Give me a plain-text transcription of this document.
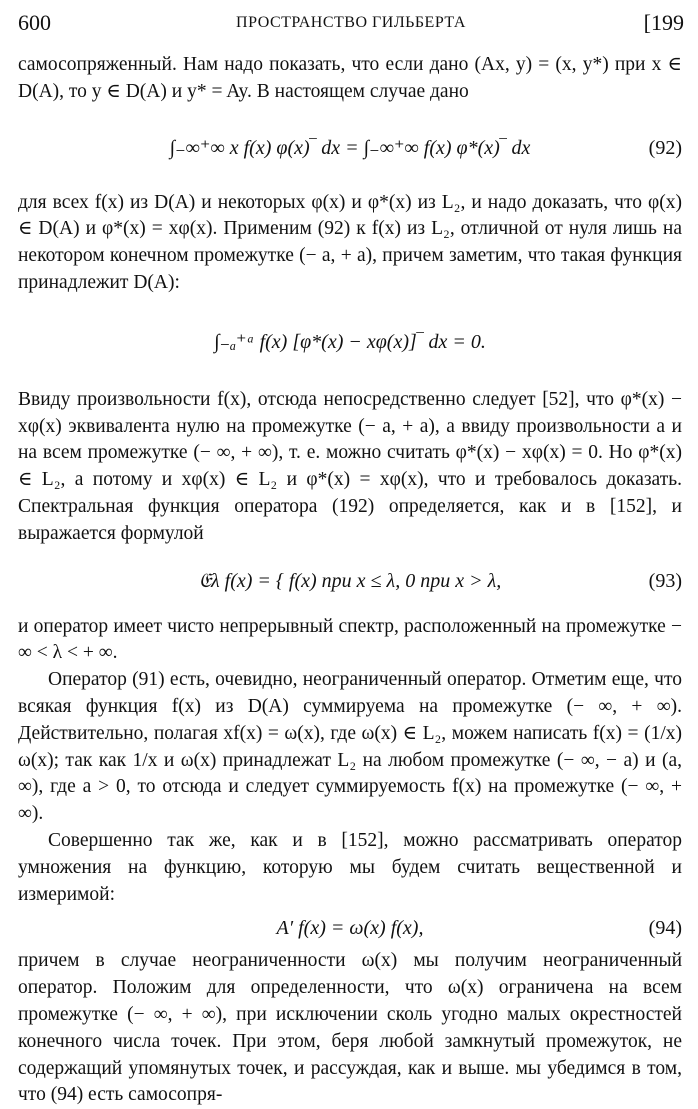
600	ПРОСТРАНСТВО ГИЛЬБЕРТА	[199

самосопряженный. Нам надо показать, что если дано (Ax, y) = (x, y*) при x ∈ D(A), то y ∈ D(A) и y* = Ay. В настоящем случае дано

∫₋∞⁺∞ x f(x) φ(x)‾ dx = ∫₋∞⁺∞ f(x) φ*(x)‾ dx	(92)

для всех f(x) из D(A) и некоторых φ(x) и φ*(x) из L₂, и надо доказать, что φ(x) ∈ D(A) и φ*(x) = xφ(x). Применим (92) к f(x) из L₂, отличной от нуля лишь на некотором конечном промежутке (− a, + a), причем заметим, что такая функция принадлежит D(A):

∫₋ₐ⁺ᵃ f(x) [φ*(x) − xφ(x)]‾ dx = 0.

Ввиду произвольности f(x), отсюда непосредственно следует [52], что φ*(x) − xφ(x) эквивалента нулю на промежутке (− a, + a), а ввиду произвольности a и на всем промежутке (− ∞, + ∞), т. е. можно считать φ*(x) − xφ(x) = 0. Но φ*(x) ∈ L₂, а потому и xφ(x) ∈ L₂ и φ*(x) = xφ(x), что и требовалось доказать. Спектральная функция оператора (192) определяется, как и в [152], и выражается формулой

𝔈λ f(x) = { f(x) при x ≤ λ, 0 при x > λ,	(93)

и оператор имеет чисто непрерывный спектр, расположенный на промежутке − ∞ < λ < + ∞.

Оператор (91) есть, очевидно, неограниченный оператор. Отметим еще, что всякая функция f(x) из D(A) суммируема на промежутке (− ∞, + ∞). Действительно, полагая xf(x) = ω(x), где ω(x) ∈ L₂, можем написать f(x) = (1/x) ω(x); так как 1/x и ω(x) принадлежат L₂ на любом промежутке (− ∞, − a) и (a, ∞), где a > 0, то отсюда и следует суммируемость f(x) на промежутке (− ∞, + ∞).

Совершенно так же, как и в [152], можно рассматривать оператор умножения на функцию, которую мы будем считать вещественной и измеримой:

A′ f(x) = ω(x) f(x),	(94)

причем в случае неограниченности ω(x) мы получим неограниченный оператор. Положим для определенности, что ω(x) ограничена на всем промежутке (− ∞, + ∞), при исключении сколь угодно малых окрестностей конечного числа точек. При этом, беря любой замкнутый промежуток, не содержащий упомянутых точек, и рассуждая, как и выше. мы убедимся в том, что (94) есть самосопря-
